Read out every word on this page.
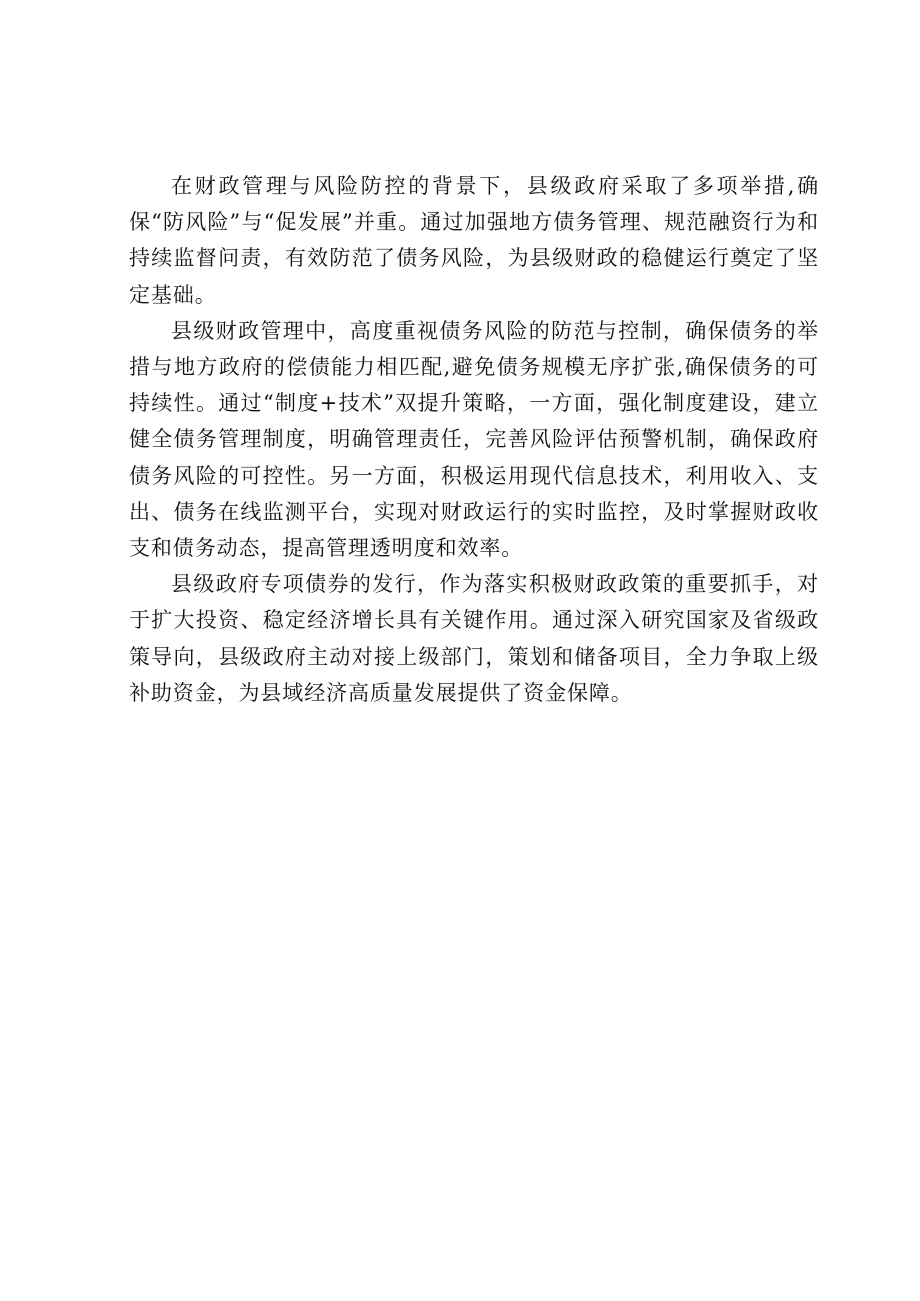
在财政管理与风险防控的背景下，县级政府采取了多项举措,确保“防风险”与“促发展”并重。通过加强地方债务管理、规范融资行为和持续监督问责，有效防范了债务风险，为县级财政的稳健运行奠定了坚定基础。

县级财政管理中，高度重视债务风险的防范与控制，确保债务的举措与地方政府的偿债能力相匹配,避免债务规模无序扩张,确保债务的可持续性。通过“制度+技术”双提升策略，一方面，强化制度建设，建立健全债务管理制度，明确管理责任，完善风险评估预警机制，确保政府债务风险的可控性。另一方面，积极运用现代信息技术，利用收入、支出、债务在线监测平台，实现对财政运行的实时监控，及时掌握财政收支和债务动态，提高管理透明度和效率。

县级政府专项债券的发行，作为落实积极财政政策的重要抓手，对于扩大投资、稳定经济增长具有关键作用。通过深入研究国家及省级政策导向，县级政府主动对接上级部门，策划和储备项目，全力争取上级补助资金，为县域经济高质量发展提供了资金保障。
